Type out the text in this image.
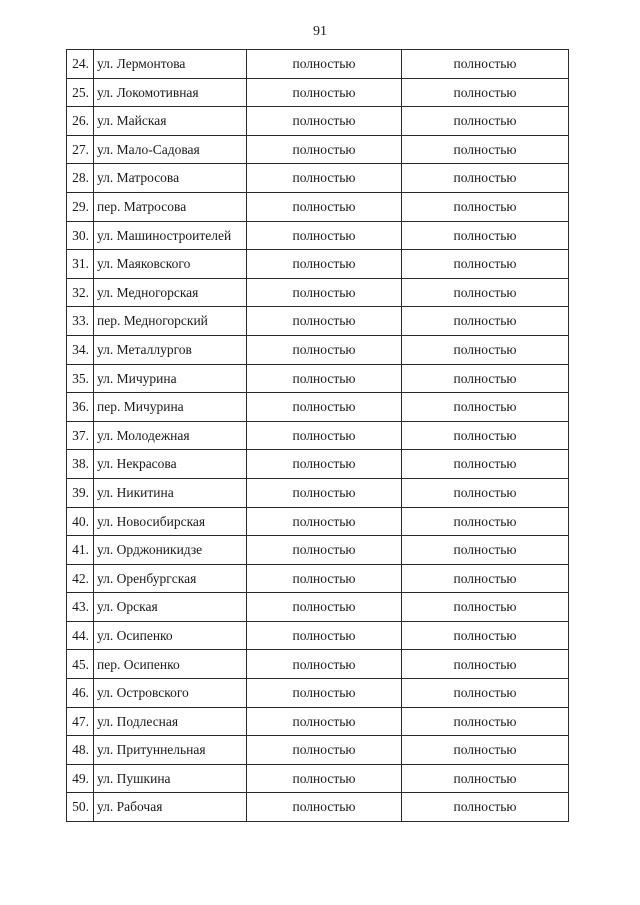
91
24.	ул. Лермонтова	полностью	полностью
25.	ул. Локомотивная	полностью	полностью
26.	ул. Майская	полностью	полностью
27.	ул. Мало-Садовая	полностью	полностью
28.	ул. Матросова	полностью	полностью
29.	пер. Матросова	полностью	полностью
30.	ул. Машиностроителей	полностью	полностью
31.	ул. Маяковского	полностью	полностью
32.	ул. Медногорская	полностью	полностью
33.	пер. Медногорский	полностью	полностью
34.	ул. Металлургов	полностью	полностью
35.	ул. Мичурина	полностью	полностью
36.	пер. Мичурина	полностью	полностью
37.	ул. Молодежная	полностью	полностью
38.	ул. Некрасова	полностью	полностью
39.	ул. Никитина	полностью	полностью
40.	ул. Новосибирская	полностью	полностью
41.	ул. Орджоникидзе	полностью	полностью
42.	ул. Оренбургская	полностью	полностью
43.	ул. Орская	полностью	полностью
44.	ул. Осипенко	полностью	полностью
45.	пер. Осипенко	полностью	полностью
46.	ул. Островского	полностью	полностью
47.	ул. Подлесная	полностью	полностью
48.	ул. Притуннельная	полностью	полностью
49.	ул. Пушкина	полностью	полностью
50.	ул. Рабочая	полностью	полностью
